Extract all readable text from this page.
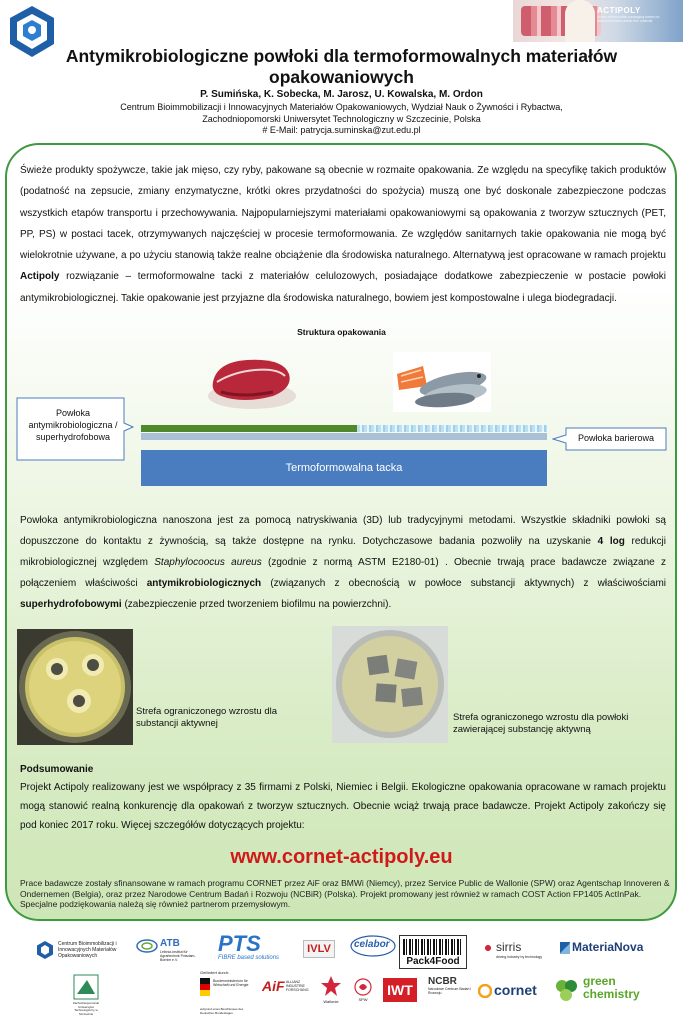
ACTIPOLY
Active antimicrobial packaging based on thermoformable plastic film material
Antymikrobiologiczne powłoki dla termoformowalnych materiałów opakowaniowych
P. Sumińska, K. Sobecka, M. Jarosz, U. Kowalska, M. Ordon
Centrum Bioimmobilizacji i Innowacyjnych Materiałów Opakowaniowych, Wydział Nauk o Żywności i Rybactwa,
Zachodniopomorski Uniwersytet Technologiczny w Szczecinie, Polska
# E-Mail: patrycja.suminska@zut.edu.pl
Świeże produkty spożywcze, takie jak mięso, czy ryby, pakowane są obecnie w rozmaite opakowania. Ze względu na specyfikę takich produktów (podatność na zepsucie, zmiany enzymatyczne, krótki okres przydatności do spożycia) muszą one być doskonale zabezpieczone podczas wszystkich etapów transportu i przechowywania. Najpopularniejszymi materiałami opakowaniowymi są opakowania z tworzyw sztucznych (PET, PP, PS) w postaci tacek, otrzymywanych najczęściej w procesie termoformowania. Ze względów sanitarnych takie opakowania nie mogą być wielokrotnie używane, a po użyciu stanowią także realne obciążenie dla środowiska naturalnego. Alternatywą jest opracowane w ramach projektu Actipoly rozwiązanie – termoformowalne tacki z materiałów celulozowych, posiadające dodatkowe zabezpieczenie w postacie powłoki antymikrobiologicznej. Takie opakowanie jest przyjazne dla środowiska naturalnego, bowiem jest kompostowalne i ulega biodegradacji.
Struktura opakowania
Powłoka antymikrobiologiczna / superhydrofobowa
Termoformowalna tacka
Powłoka barierowa
Powłoka antymikrobiologiczna nanoszona jest za pomocą natryskiwania (3D) lub tradycyjnymi metodami. Wszystkie składniki powłoki są dopuszczone do kontaktu z żywnością, są także dostępne na rynku. Dotychczasowe badania pozwoliły na uzyskanie 4 log redukcji mikrobiologicznej względem Staphylocoocus aureus (zgodnie z normą ASTM E2180-01) . Obecnie trwają prace badawcze związane z połączeniem właściwości antymikrobiologicznych (związanych z obecnością w powłoce substancji aktywnych) z właściwościami superhydrofobowymi (zabezpieczenie przed tworzeniem biofilmu na powierzchni).
Strefa ograniczonego wzrostu dla substancji aktywnej
Strefa ograniczonego wzrostu dla powłoki zawierającej substancję aktywną
Podsumowanie
Projekt Actipoly realizowany jest we współpracy z 35 firmami z Polski, Niemiec i Belgii. Ekologiczne opakowania opracowane w ramach projektu mogą stanowić realną konkurencję dla opakowań z tworzyw sztucznych. Obecnie wciąż trwają prace badawcze. Projekt Actipoly zakończy się pod koniec 2017 roku. Więcej szczegółów dotyczących projektu:
www.cornet-actipoly.eu
Prace badawcze zostały sfinansowane w ramach programu CORNET przez AiF oraz BMWi (Niemcy), przez Service Public de Wallonie (SPW) oraz Agentschap Innoveren & Ondernemen (Belgia), oraz przez Narodowe Centrum Badań i Rozwoju (NCBiR) (Polska). Projekt promowany jest również w ramach COST Action FP1405 ActInPak. Specjalne podziękowania należą się również partnerom przemysłowym.
Centrum Bioimmobilizacji i Innowacyjnych Materiałów Opakowaniowych
ATB
Leibniz-Institut für Agrartechnik Potsdam-Bornim e.V.
PTS
FIBRE based solutions
IVLV	celabor
Pack4Food
sirris
driving industry by technology
MateriaNova
Zachodniopomorski Uniwersytet Technologiczny w Szczecinie
Gefördert durch:
Bundesministerium für Wirtschaft und Energie
aufgrund eines Beschlusses des Deutschen Bundestages
AiF ALLIANZ INDUSTRIE FORSCHUNG
Wallonie	SPW
IWT
NCBR
Narodowe Centrum Badań i Rozwoju	cornet
green
chemistry
